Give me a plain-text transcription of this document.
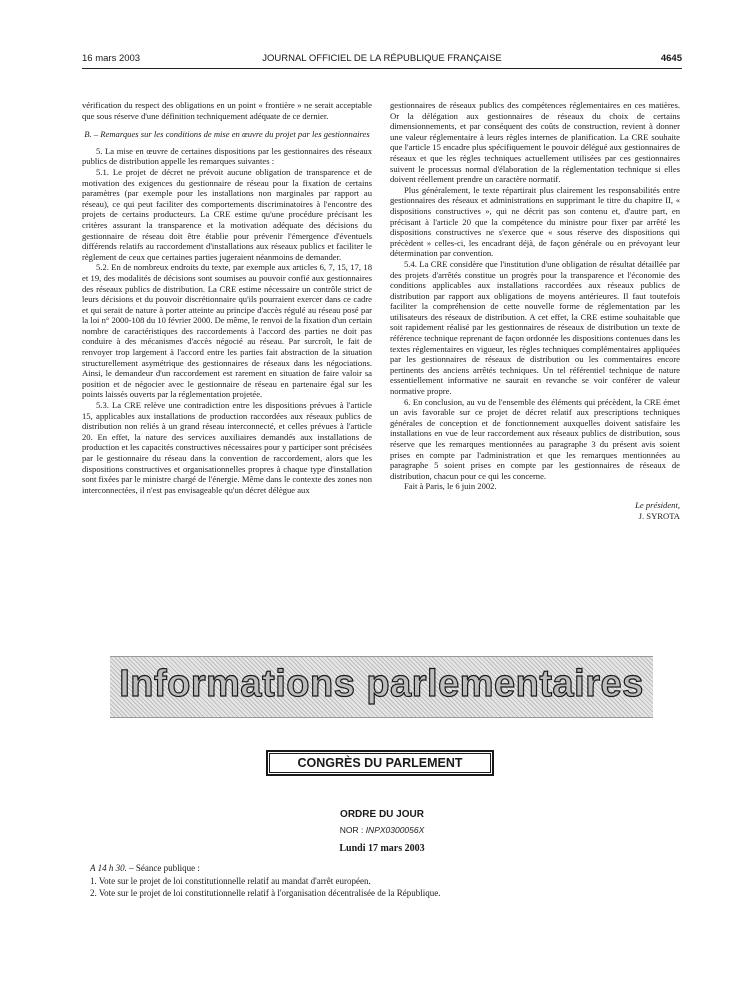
16 mars 2003	JOURNAL OFFICIEL DE LA RÉPUBLIQUE FRANÇAISE	4645

vérification du respect des obligations en un point « frontière » ne serait acceptable que sous réserve d'une définition techniquement adéquate de ce dernier.

B. – Remarques sur les conditions de mise en œuvre du projet par les gestionnaires

5. La mise en œuvre de certaines dispositions par les gestionnaires des réseaux publics de distribution appelle les remarques suivantes :

5.1. Le projet de décret ne prévoit aucune obligation de transparence et de motivation des exigences du gestionnaire de réseau pour la fixation de certains paramètres (par exemple pour les installations non marginales par rapport au réseau), ce qui peut faciliter des comportements discriminatoires à l'encontre des projets de certains producteurs. La CRE estime qu'une procédure précisant les critères assurant la transparence et la motivation adéquate des décisions du gestionnaire de réseau doit être établie pour prévenir l'émergence d'éventuels différends relatifs au raccordement d'installations aux réseaux publics et faciliter le règlement de ceux que certaines parties jugeraient néanmoins de demander.

5.2. En de nombreux endroits du texte, par exemple aux articles 6, 7, 15, 17, 18 et 19, des modalités de décisions sont soumises au pouvoir confié aux gestionnaires des réseaux publics de distribution. La CRE estime nécessaire un contrôle strict de leurs décisions et du pouvoir discrétionnaire qu'ils pourraient exercer dans ce cadre et qui serait de nature à porter atteinte au principe d'accès régulé au réseau posé par la loi n° 2000-108 du 10 février 2000. De même, le renvoi de la fixation d'un certain nombre de caractéristiques des raccordements à l'accord des parties ne doit pas conduire à des mécanismes d'accès négocié au réseau. Par surcroît, le fait de renvoyer trop largement à l'accord entre les parties fait abstraction de la situation structurellement asymétrique des gestionnaires de réseaux dans les négociations. Ainsi, le demandeur d'un raccordement est rarement en situation de faire valoir sa position et de négocier avec le gestionnaire de réseau en partenaire égal sur les points laissés ouverts par la réglementation projetée.

5.3. La CRE relève une contradiction entre les dispositions prévues à l'article 15, applicables aux installations de production raccordées aux réseaux publics de distribution non reliés à un grand réseau interconnecté, et celles prévues à l'article 20. En effet, la nature des services auxiliaires demandés aux installations de production et les capacités constructives nécessaires pour y participer sont précisées par le gestionnaire du réseau dans la convention de raccordement, alors que les dispositions constructives et organisationnelles propres à chaque type d'installation sont fixées par le ministre chargé de l'énergie. Même dans le contexte des zones non interconnectées, il n'est pas envisageable qu'un décret délègue aux

gestionnaires de réseaux publics des compétences réglementaires en ces matières. Or la délégation aux gestionnaires de réseaux du choix de certains dimensionnements, et par conséquent des coûts de construction, revient à donner une valeur réglementaire à leurs règles internes de planification. La CRE souhaite que l'article 15 encadre plus spécifiquement le pouvoir délégué aux gestionnaires de réseaux et que les règles techniques actuellement utilisées par ces gestionnaires suivent le processus normal d'élaboration de la réglementation technique si elles doivent réellement prendre un caractère normatif.

Plus généralement, le texte répartirait plus clairement les responsabilités entre gestionnaires des réseaux et administrations en supprimant le titre du chapitre II, « dispositions constructives », qui ne décrit pas son contenu et, d'autre part, en précisant à l'article 20 que la compétence du ministre pour fixer par arrêté les dispositions constructives ne s'exerce que « sous réserve des dispositions qui précèdent » celles-ci, les encadrant déjà, de façon générale ou en prévoyant leur détermination par convention.

5.4. La CRE considère que l'institution d'une obligation de résultat détaillée par des projets d'arrêtés constitue un progrès pour la transparence et l'économie des conditions applicables aux installations raccordées aux réseaux publics de distribution par rapport aux obligations de moyens antérieures. Il faut toutefois faciliter la compréhension de cette nouvelle forme de réglementation par les utilisateurs des réseaux de distribution. A cet effet, la CRE estime souhaitable que soit rapidement réalisé par les gestionnaires de réseaux de distribution un texte de référence technique reprenant de façon ordonnée les dispositions contenues dans les textes réglementaires en vigueur, les règles techniques complémentaires appliquées par les gestionnaires de réseaux de distribution ou les commentaires encore pertinents des anciens arrêtés techniques. Un tel référentiel technique de nature essentiellement informative ne saurait en revanche se voir conférer de valeur normative propre.

6. En conclusion, au vu de l'ensemble des éléments qui précèdent, la CRE émet un avis favorable sur ce projet de décret relatif aux prescriptions techniques générales de conception et de fonctionnement auxquelles doivent satisfaire les installations en vue de leur raccordement aux réseaux publics de distribution, sous réserve que les remarques mentionnées au paragraphe 3 du présent avis soient prises en compte par l'administration et que les remarques mentionnées au paragraphe 5 soient prises en compte par les gestionnaires de réseaux de distribution, chacun pour ce qui les concerne.

Fait à Paris, le 6 juin 2002.

Le président,
J. SYROTA
Informations parlementaires
CONGRÈS DU PARLEMENT
ORDRE DU JOUR
NOR : INPX0300056X
Lundi 17 mars 2003
A 14 h 30. – Séance publique :
1. Vote sur le projet de loi constitutionnelle relatif au mandat d'arrêt européen.
2. Vote sur le projet de loi constitutionnelle relatif à l'organisation décentralisée de la République.
